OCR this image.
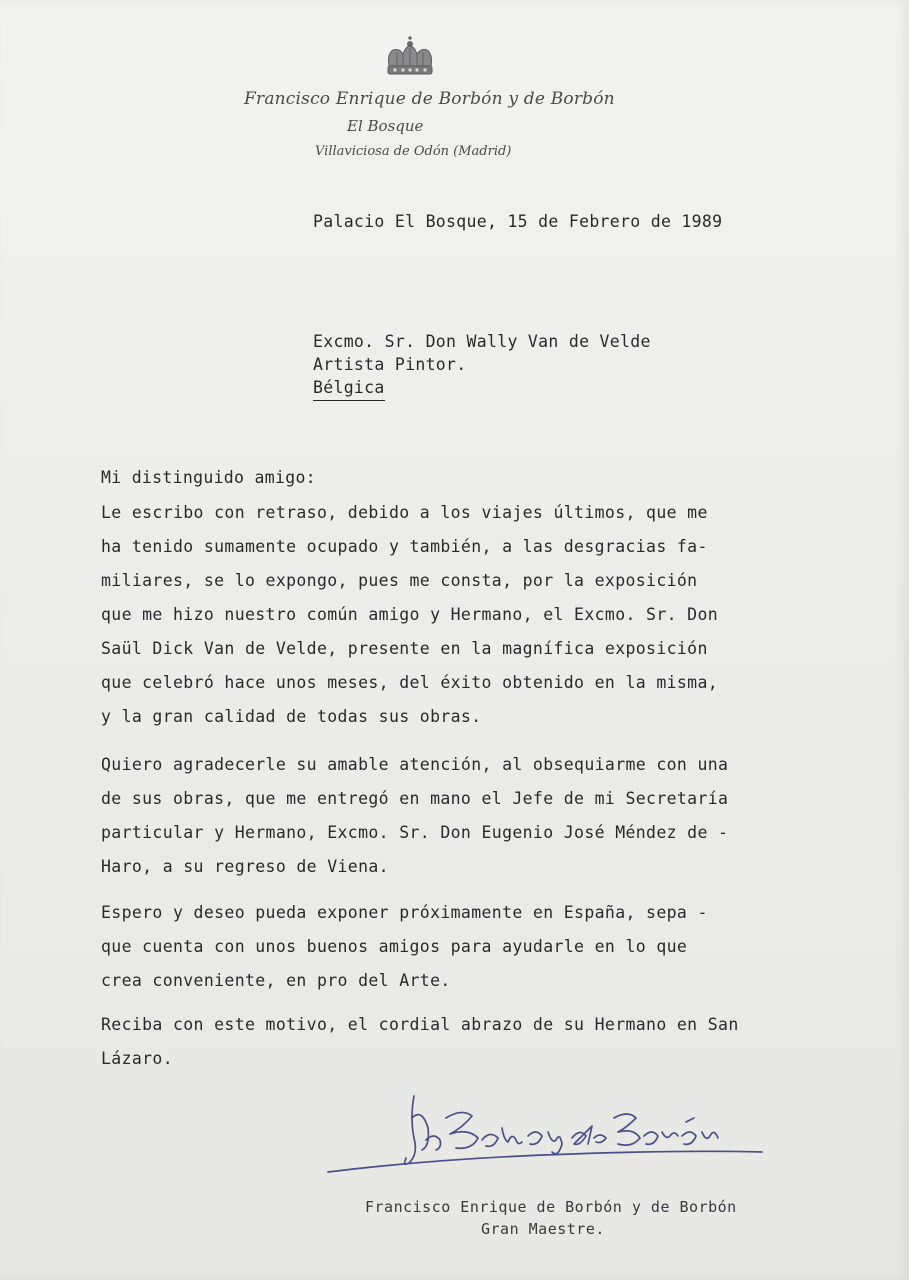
Francisco Enrique de Borbón y de Borbón
El Bosque
Villaviciosa de Odón (Madrid)
Palacio El Bosque, 15 de Febrero de 1989
Excmo. Sr. Don Wally Van de Velde
Artista Pintor.
Bélgica
Mi distinguido amigo:
Le escribo con retraso, debido a los viajes últimos, que me
ha tenido sumamente ocupado y también, a las desgracias fa-
miliares, se lo expongo, pues me consta, por la exposición
que me hizo nuestro común amigo y Hermano, el Excmo. Sr. Don
Saül Dick Van de Velde, presente en la magnífica exposición
que celebró hace unos meses, del éxito obtenido en la misma,
y la gran calidad de todas sus obras.
Quiero agradecerle su amable atención, al obsequiarme con una
de sus obras, que me entregó en mano el Jefe de mi Secretaría
particular y Hermano, Excmo. Sr. Don Eugenio José Méndez de -
Haro, a su regreso de Viena.
Espero y deseo pueda exponer próximamente en España, sepa -
que cuenta con unos buenos amigos para ayudarle en lo que
crea conveniente, en pro del Arte.
Reciba con este motivo, el cordial abrazo de su Hermano en San
Lázaro.
Francisco Enrique de Borbón y de Borbón
Gran Maestre.
